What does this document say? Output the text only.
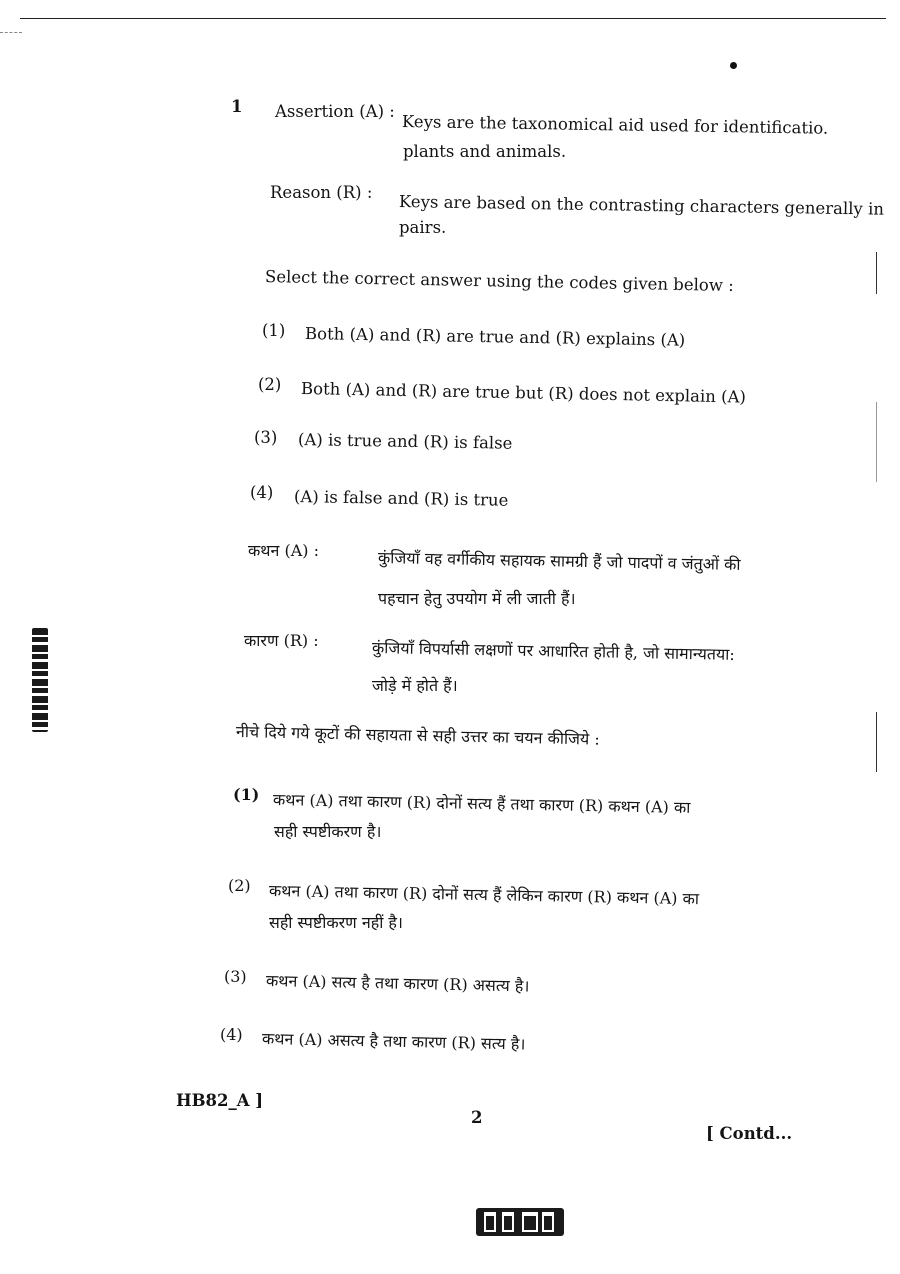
1 Assertion (A) :
Keys are the taxonomical aid used for identificatio.
plants and animals.
Reason (R) : Keys are based on the contrasting characters generally in
pairs.
Select the correct answer using the codes given below :
(1) Both (A) and (R) are true and (R) explains (A)
(2) Both (A) and (R) are true but (R) does not explain (A)
(3) (A) is true and (R) is false
(4) (A) is false and (R) is true
कथन (A) :	कुंजियाँ वह वर्गीकीय सहायक सामग्री हैं जो पादपों व जंतुओं की
पहचान हेतु उपयोग में ली जाती हैं।
कारण (R) :	कुंजियाँ विपर्यासी लक्षणों पर आधारित होती है, जो सामान्यतया:
जोड़े में होते हैं।
नीचे दिये गये कूटों की सहायता से सही उत्तर का चयन कीजिये :
(1) कथन (A) तथा कारण (R) दोनों सत्य हैं तथा कारण (R) कथन (A) का
सही स्पष्टीकरण है।
(2) कथन (A) तथा कारण (R) दोनों सत्य हैं लेकिन कारण (R) कथन (A) का
सही स्पष्टीकरण नहीं है।
(3) कथन (A) सत्य है तथा कारण (R) असत्य है।
(4) कथन (A) असत्य है तथा कारण (R) सत्य है।
HB82_A ]
2
[ Contd...
